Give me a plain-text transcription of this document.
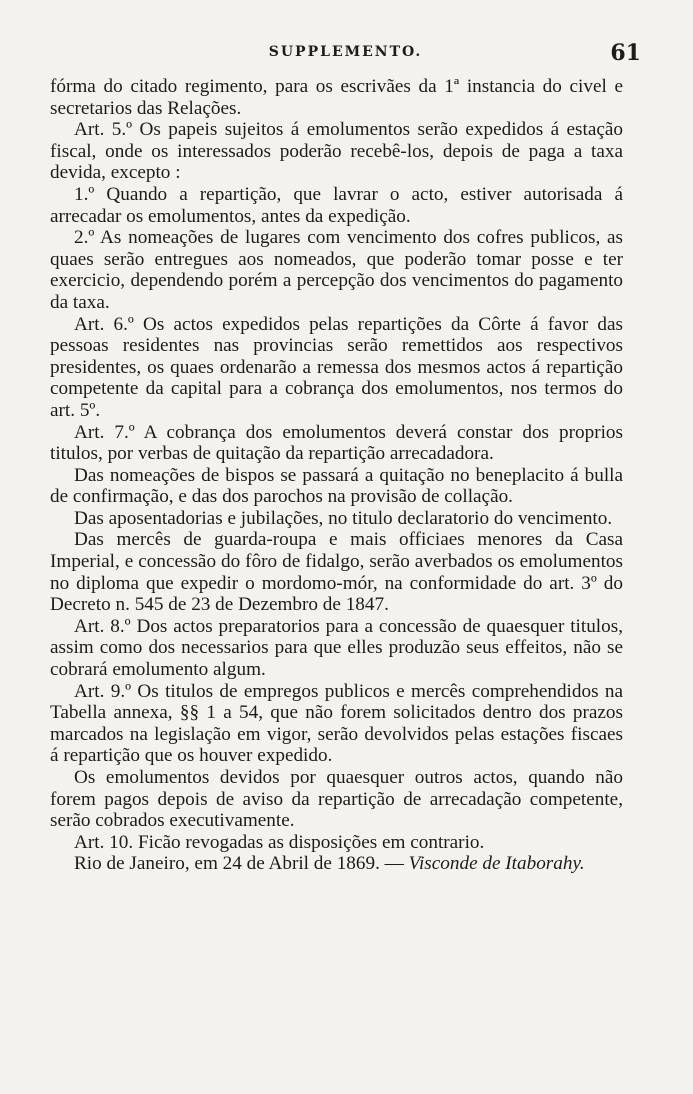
SUPPLEMENTO.	61

fórma do citado regimento, para os escrivães da 1ª instancia do civel e secretarios das Relações.

Art. 5.º Os papeis sujeitos á emolumentos serão expedidos á estação fiscal, onde os interessados poderão recebê-los, depois de paga a taxa devida, excepto :

1.º Quando a repartição, que lavrar o acto, estiver autorisada á arrecadar os emolumentos, antes da expedição.

2.º As nomeações de lugares com vencimento dos cofres publicos, as quaes serão entregues aos nomeados, que poderão tomar posse e ter exercicio, dependendo porém a percepção dos vencimentos do pagamento da taxa.

Art. 6.º Os actos expedidos pelas repartições da Côrte á favor das pessoas residentes nas provincias serão remettidos aos respectivos presidentes, os quaes ordenarão a remessa dos mesmos actos á repartição competente da capital para a cobrança dos emolumentos, nos termos do art. 5º.

Art. 7.º A cobrança dos emolumentos deverá constar dos proprios titulos, por verbas de quitação da repartição arrecadadora.

Das nomeações de bispos se passará a quitação no beneplacito á bulla de confirmação, e das dos parochos na provisão de collação.

Das aposentadorias e jubilações, no titulo declaratorio do vencimento.

Das mercês de guarda-roupa e mais officiaes menores da Casa Imperial, e concessão do fôro de fidalgo, serão averbados os emolumentos no diploma que expedir o mordomo-mór, na conformidade do art. 3º do Decreto n. 545 de 23 de Dezembro de 1847.

Art. 8.º Dos actos preparatorios para a concessão de quaesquer titulos, assim como dos necessarios para que elles produzão seus effeitos, não se cobrará emolumento algum.

Art. 9.º Os titulos de empregos publicos e mercês comprehendidos na Tabella annexa, §§ 1 a 54, que não forem solicitados dentro dos prazos marcados na legislação em vigor, serão devolvidos pelas estações fiscaes á repartição que os houver expedido.

Os emolumentos devidos por quaesquer outros actos, quando não forem pagos depois de aviso da repartição de arrecadação competente, serão cobrados executivamente.

Art. 10. Ficão revogadas as disposições em contrario.

Rio de Janeiro, em 24 de Abril de 1869. — Visconde de Itaborahy.
